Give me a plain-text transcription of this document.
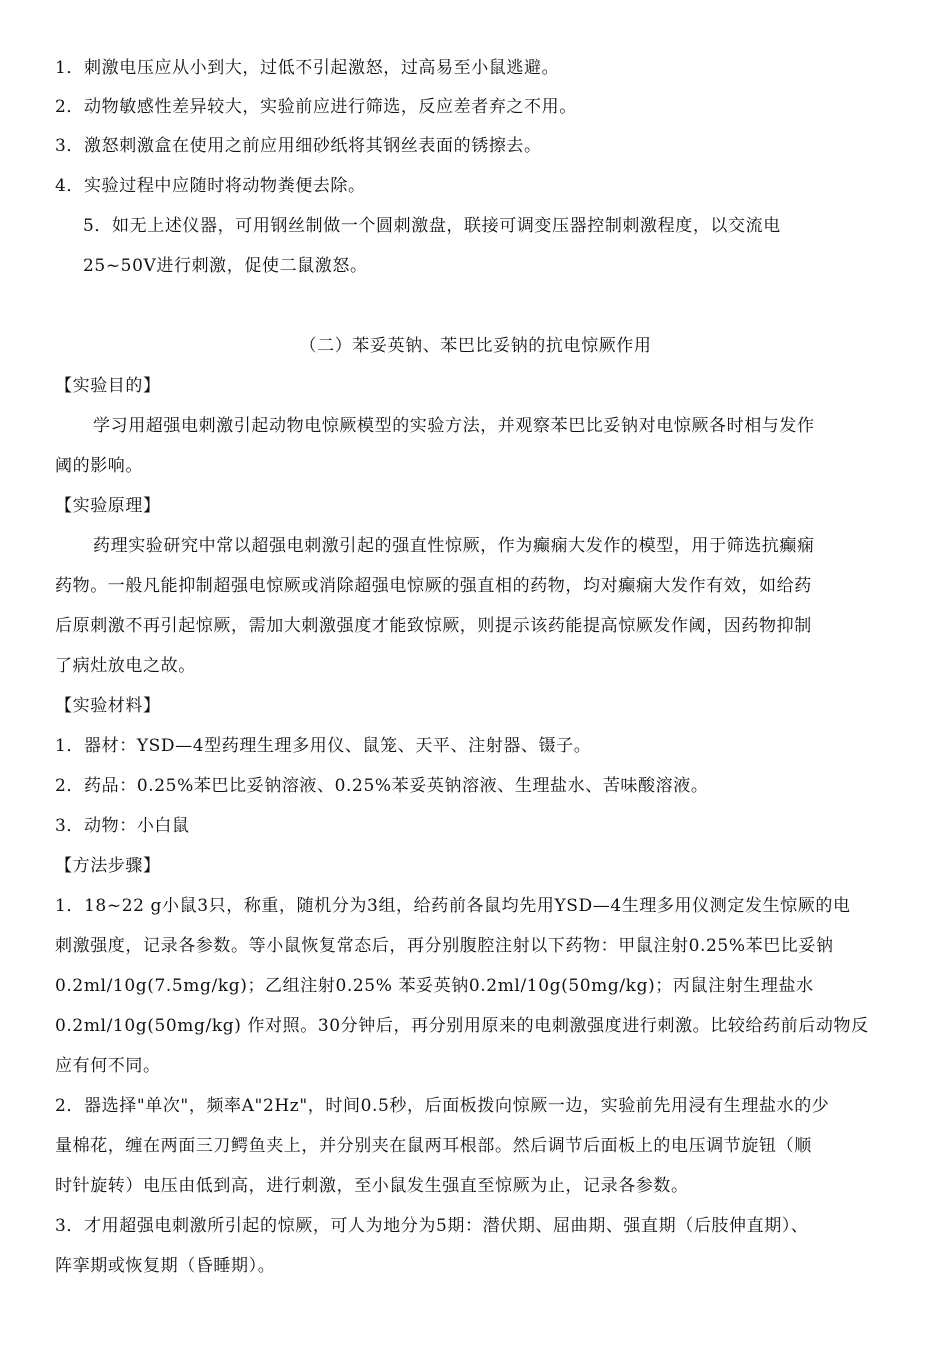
1．刺激电压应从小到大，过低不引起激怒，过高易至小鼠逃避。
2．动物敏感性差异较大，实验前应进行筛选，反应差者弃之不用。
3．激怒刺激盒在使用之前应用细砂纸将其钢丝表面的锈擦去。
4．实验过程中应随时将动物粪便去除。
5．如无上述仪器，可用钢丝制做一个圆刺激盘，联接可调变压器控制刺激程度，以交流电
25~50V进行刺激，促使二鼠激怒。
（二）苯妥英钠、苯巴比妥钠的抗电惊厥作用
【实验目的】
学习用超强电刺激引起动物电惊厥模型的实验方法，并观察苯巴比妥钠对电惊厥各时相与发作
阈的影响。
【实验原理】
药理实验研究中常以超强电刺激引起的强直性惊厥，作为癫痫大发作的模型，用于筛选抗癫痫
药物。一般凡能抑制超强电惊厥或消除超强电惊厥的强直相的药物，均对癫痫大发作有效，如给药
后原刺激不再引起惊厥，需加大刺激强度才能致惊厥，则提示该药能提高惊厥发作阈，因药物抑制
了病灶放电之故。
【实验材料】
1．器材：YSD—4型药理生理多用仪、鼠笼、天平、注射器、镊子。
2．药品：0.25%苯巴比妥钠溶液、0.25%苯妥英钠溶液、生理盐水、苦味酸溶液。
3．动物：小白鼠
【方法步骤】
1．18~22 g小鼠3只，称重，随机分为3组，给药前各鼠均先用YSD—4生理多用仪测定发生惊厥的电
刺激强度，记录各参数。等小鼠恢复常态后，再分别腹腔注射以下药物：甲鼠注射0.25%苯巴比妥钠
0.2ml/10g(7.5mg/kg)；乙组注射0.25% 苯妥英钠0.2ml/10g(50mg/kg)；丙鼠注射生理盐水
0.2ml/10g(50mg/kg) 作对照。30分钟后，再分别用原来的电刺激强度进行刺激。比较给药前后动物反
应有何不同。
2．器选择"单次"，频率A"2Hz"，时间0.5秒，后面板拨向惊厥一边，实验前先用浸有生理盐水的少
量棉花，缠在两面三刀鳄鱼夹上，并分别夹在鼠两耳根部。然后调节后面板上的电压调节旋钮（顺
时针旋转）电压由低到高，进行刺激，至小鼠发生强直至惊厥为止，记录各参数。
3．才用超强电刺激所引起的惊厥，可人为地分为5期：潜伏期、屈曲期、强直期（后肢伸直期）、
阵挛期或恢复期（昏睡期）。
